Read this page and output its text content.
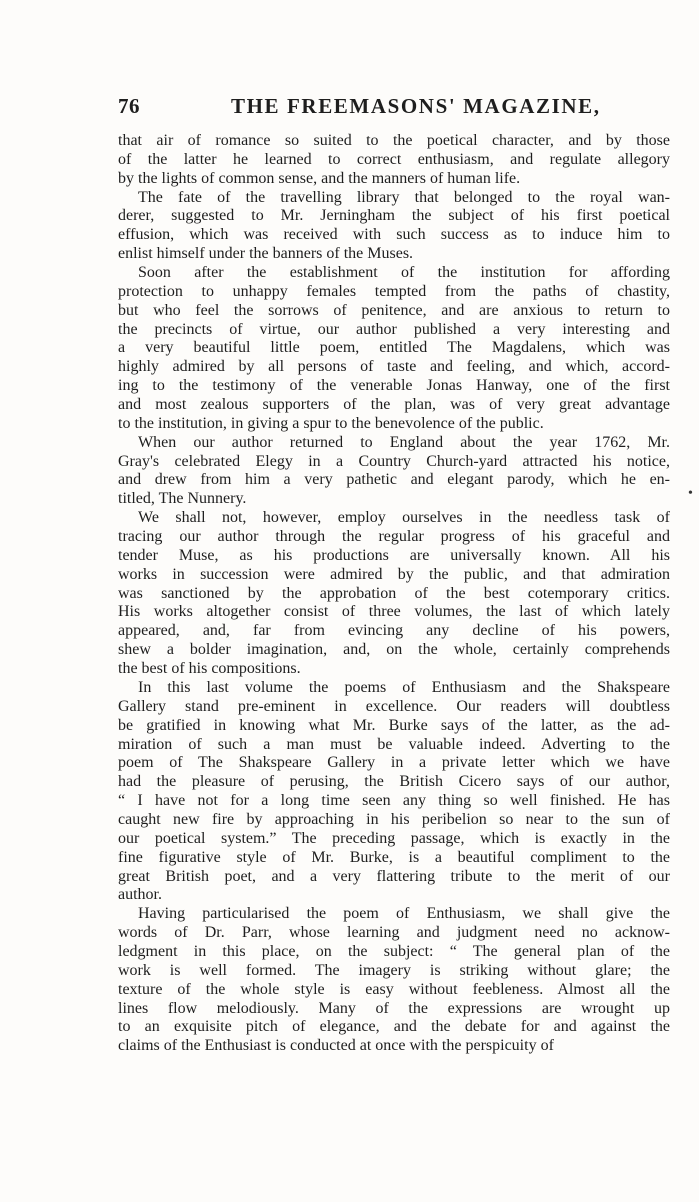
76	THE FREEMASONS' MAGAZINE,
that air of romance so suited to the poetical character, and by those
of the latter he learned to correct enthusiasm, and regulate allegory
by the lights of common sense, and the manners of human life.
The fate of the travelling library that belonged to the royal wan-
derer, suggested to Mr. Jerningham the subject of his first poetical
effusion, which was received with such success as to induce him to
enlist himself under the banners of the Muses.
Soon after the establishment of the institution for affording
protection to unhappy females tempted from the paths of chastity,
but who feel the sorrows of penitence, and are anxious to return to
the precincts of virtue, our author published a very interesting and
a very beautiful little poem, entitled The Magdalens, which was
highly admired by all persons of taste and feeling, and which, accord-
ing to the testimony of the venerable Jonas Hanway, one of the first
and most zealous supporters of the plan, was of very great advantage
to the institution, in giving a spur to the benevolence of the public.
When our author returned to England about the year 1762, Mr.
Gray's celebrated Elegy in a Country Church-yard attracted his notice,
and drew from him a very pathetic and elegant parody, which he en-
titled, The Nunnery.
We shall not, however, employ ourselves in the needless task of
tracing our author through the regular progress of his graceful and
tender Muse, as his productions are universally known. All his
works in succession were admired by the public, and that admiration
was sanctioned by the approbation of the best cotemporary critics.
His works altogether consist of three volumes, the last of which lately
appeared, and, far from evincing any decline of his powers,
shew a bolder imagination, and, on the whole, certainly comprehends
the best of his compositions.
In this last volume the poems of Enthusiasm and the Shakspeare
Gallery stand pre-eminent in excellence. Our readers will doubtless
be gratified in knowing what Mr. Burke says of the latter, as the ad-
miration of such a man must be valuable indeed. Adverting to the
poem of The Shakspeare Gallery in a private letter which we have
had the pleasure of perusing, the British Cicero says of our author,
“ I have not for a long time seen any thing so well finished. He has
caught new fire by approaching in his peribelion so near to the sun of
our poetical system.” The preceding passage, which is exactly in the
fine figurative style of Mr. Burke, is a beautiful compliment to the
great British poet, and a very flattering tribute to the merit of our
author.
Having particularised the poem of Enthusiasm, we shall give the
words of Dr. Parr, whose learning and judgment need no acknow-
ledgment in this place, on the subject: “ The general plan of the
work is well formed. The imagery is striking without glare; the
texture of the whole style is easy without feebleness. Almost all the
lines flow melodiously. Many of the expressions are wrought up
to an exquisite pitch of elegance, and the debate for and against the
claims of the Enthusiast is conducted at once with the perspicuity of
•
